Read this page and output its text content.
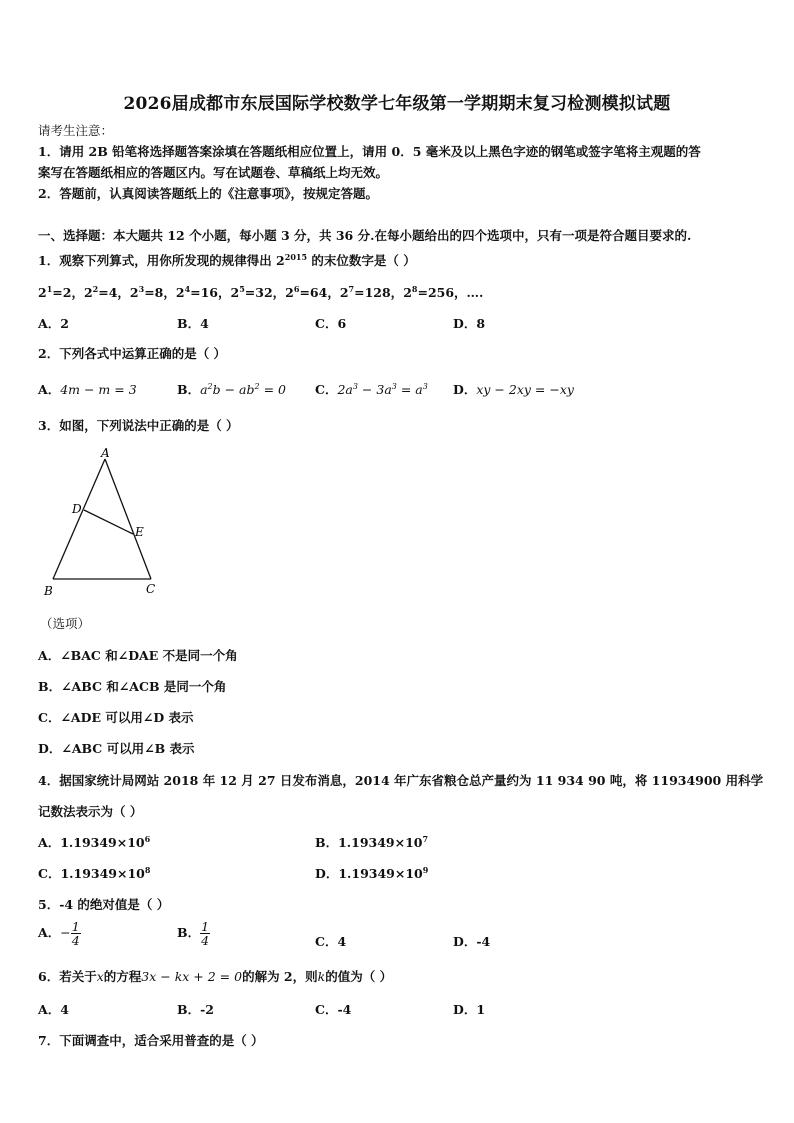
2026届成都市东辰国际学校数学七年级第一学期期末复习检测模拟试题
请考生注意：
1．请用 2B 铅笔将选择题答案涂填在答题纸相应位置上，请用 0．5 毫米及以上黑色字迹的钢笔或签字笔将主观题的答
案写在答题纸相应的答题区内。写在试题卷、草稿纸上均无效。
2．答题前，认真阅读答题纸上的《注意事项》，按规定答题。
一、选择题：本大题共 12 个小题，每小题 3 分，共 36 分.在每小题给出的四个选项中，只有一项是符合题目要求的.
1．观察下列算式，用你所发现的规律得出 $2^{2015}$ 的末位数字是（ ）
$2^1=2$，$2^2=4$，$2^3=8$，$2^4=16$，$2^5=32$，$2^6=64$，$2^7=128$，$2^8=256$，….
A．2	B．4	C．6	D．8
2．下列各式中运算正确的是（ ）
A．4m − m = 3	B．$a^2b - ab^2 = 0$ C．$2a^3 - 3a^3 = a^3$ D．xy − 2xy = −xy
3．如图，下列说法中正确的是（ ）
A
D
E
B	C
（选项）
A．∠BAC 和∠DAE 不是同一个角
B．∠ABC 和∠ACB 是同一个角
C．∠ADE 可以用∠D 表示
D．∠ABC 可以用∠B 表示
4．据国家统计局网站 2018 年 12 月 27 日发布消息，2014 年广东省粮仓总产量约为 11 934 90 吨，将 11934900 用科学
记数法表示为（ ）
A．$1.19349\times 10^6$	B．$1.19349\times 10^7$
C．$1.19349\times 10^8$	D．$1.19349\times 10^9$
5．-4 的绝对值是（ ）
A．− $\frac{1}{4}$	B． $\frac{1}{4}$	C．4	D．-4
6．若关于x的方程3x − kx + 2 = 0的解为 2，则k的值为（ ）
A．4	B．-2	C．-4	D．1
7．下面调查中，适合采用普查的是（ ）
